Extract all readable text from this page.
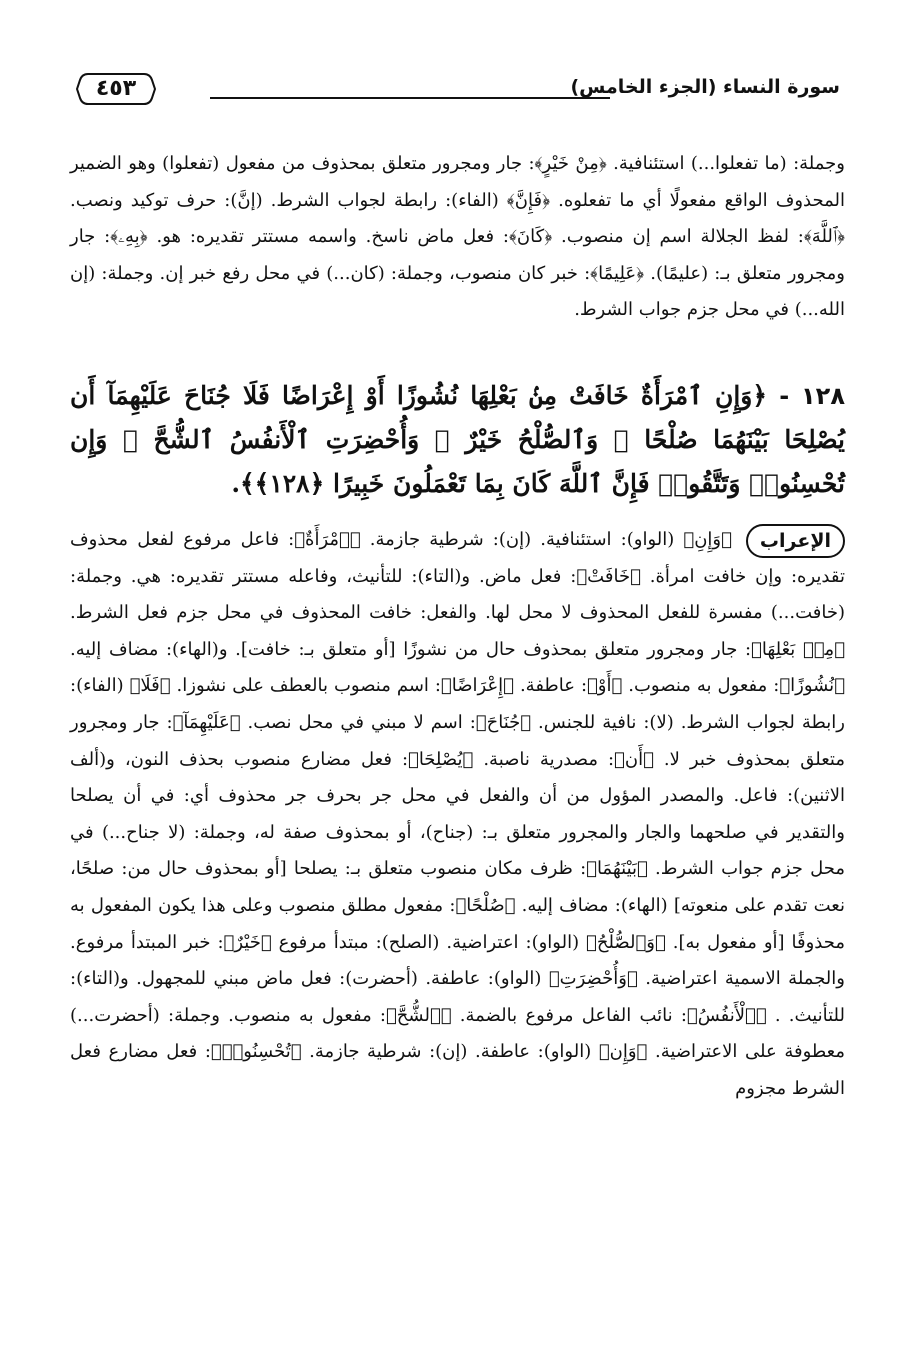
سورة النساء (الجزء الخامس)
٤٥٣
وجملة: (ما تفعلوا...) استئنافية. ﴿مِنْ خَيْرٍ﴾: جار ومجرور متعلق بمحذوف من مفعول (تفعلوا) وهو الضمير المحذوف الواقع مفعولًا أي ما تفعلوه. ﴿فَإِنَّ﴾ (الفاء): رابطة لجواب الشرط. (إنَّ): حرف توكيد ونصب. ﴿ٱللَّهَ﴾: لفظ الجلالة اسم إن منصوب. ﴿كَانَ﴾: فعل ماض ناسخ. واسمه مستتر تقديره: هو. ﴿بِهِۦ﴾: جار ومجرور متعلق بـ: (عليمًا). ﴿عَلِيمًا﴾: خبر كان منصوب، وجملة: (كان...) في محل رفع خبر إن. وجملة: (إن الله...) في محل جزم جواب الشرط.
١٢٨ - ﴿وَإِنِ ٱمْرَأَةٌ خَافَتْ مِنۢ بَعْلِهَا نُشُوزًا أَوْ إِعْرَاضًا فَلَا جُنَاحَ عَلَيْهِمَآ أَن يُصْلِحَا بَيْنَهُمَا صُلْحًا ۚ وَٱلصُّلْحُ خَيْرٌ ۗ وَأُحْضِرَتِ ٱلْأَنفُسُ ٱلشُّحَّ ۚ وَإِن تُحْسِنُوا۟ وَتَتَّقُوا۟ فَإِنَّ ٱللَّهَ كَانَ بِمَا تَعْمَلُونَ خَبِيرًا ﴿١٢٨﴾﴾.
الإعراب
﴿وَإِنِ﴾ (الواو): استئنافية. (إن): شرطية جازمة. ﴿ٱمْرَأَةٌ﴾: فاعل مرفوع لفعل محذوف تقديره: وإن خافت امرأة. ﴿خَافَتْ﴾: فعل ماض. و(التاء): للتأنيث، وفاعله مستتر تقديره: هي. وجملة: (خافت...) مفسرة للفعل المحذوف لا محل لها. والفعل: خافت المحذوف في محل جزم فعل الشرط. ﴿مِنۢ بَعْلِهَا﴾: جار ومجرور متعلق بمحذوف حال من نشوزًا [أو متعلق بـ: خافت]. و(الهاء): مضاف إليه. ﴿نُشُوزًا﴾: مفعول به منصوب. ﴿أَوْ﴾: عاطفة. ﴿إِعْرَاضًا﴾: اسم منصوب بالعطف على نشوزا. ﴿فَلَا﴾ (الفاء): رابطة لجواب الشرط. (لا): نافية للجنس. ﴿جُنَاحَ﴾: اسم لا مبني في محل نصب. ﴿عَلَيْهِمَآ﴾: جار ومجرور متعلق بمحذوف خبر لا. ﴿أَن﴾: مصدرية ناصبة. ﴿يُصْلِحَا﴾: فعل مضارع منصوب بحذف النون، و(ألف الاثنين): فاعل. والمصدر المؤول من أن والفعل في محل جر بحرف جر محذوف أي: في أن يصلحا والتقدير في صلحهما والجار والمجرور متعلق بـ: (جناح)، أو بمحذوف صفة له، وجملة: (لا جناح...) في محل جزم جواب الشرط. ﴿بَيْنَهُمَا﴾: ظرف مكان منصوب متعلق بـ: يصلحا [أو بمحذوف حال من: صلحًا، نعت تقدم على منعوته] (الهاء): مضاف إليه. ﴿صُلْحًا﴾: مفعول مطلق منصوب وعلى هذا يكون المفعول به محذوفًا [أو مفعول به]. ﴿وَٱلصُّلْحُ﴾ (الواو): اعتراضية. (الصلح): مبتدأ مرفوع ﴿خَيْرٌ﴾: خبر المبتدأ مرفوع. والجملة الاسمية اعتراضية. ﴿وَأُحْضِرَتِ﴾ (الواو): عاطفة. (أحضرت): فعل ماض مبني للمجهول. و(التاء): للتأنيث. . ﴿ٱلْأَنفُسُ﴾: نائب الفاعل مرفوع بالضمة. ﴿ٱلشُّحَّ﴾: مفعول به منصوب. وجملة: (أحضرت...) معطوفة على الاعتراضية. ﴿وَإِن﴾ (الواو): عاطفة. (إن): شرطية جازمة. ﴿تُحْسِنُوا۟﴾: فعل مضارع فعل الشرط مجزوم
